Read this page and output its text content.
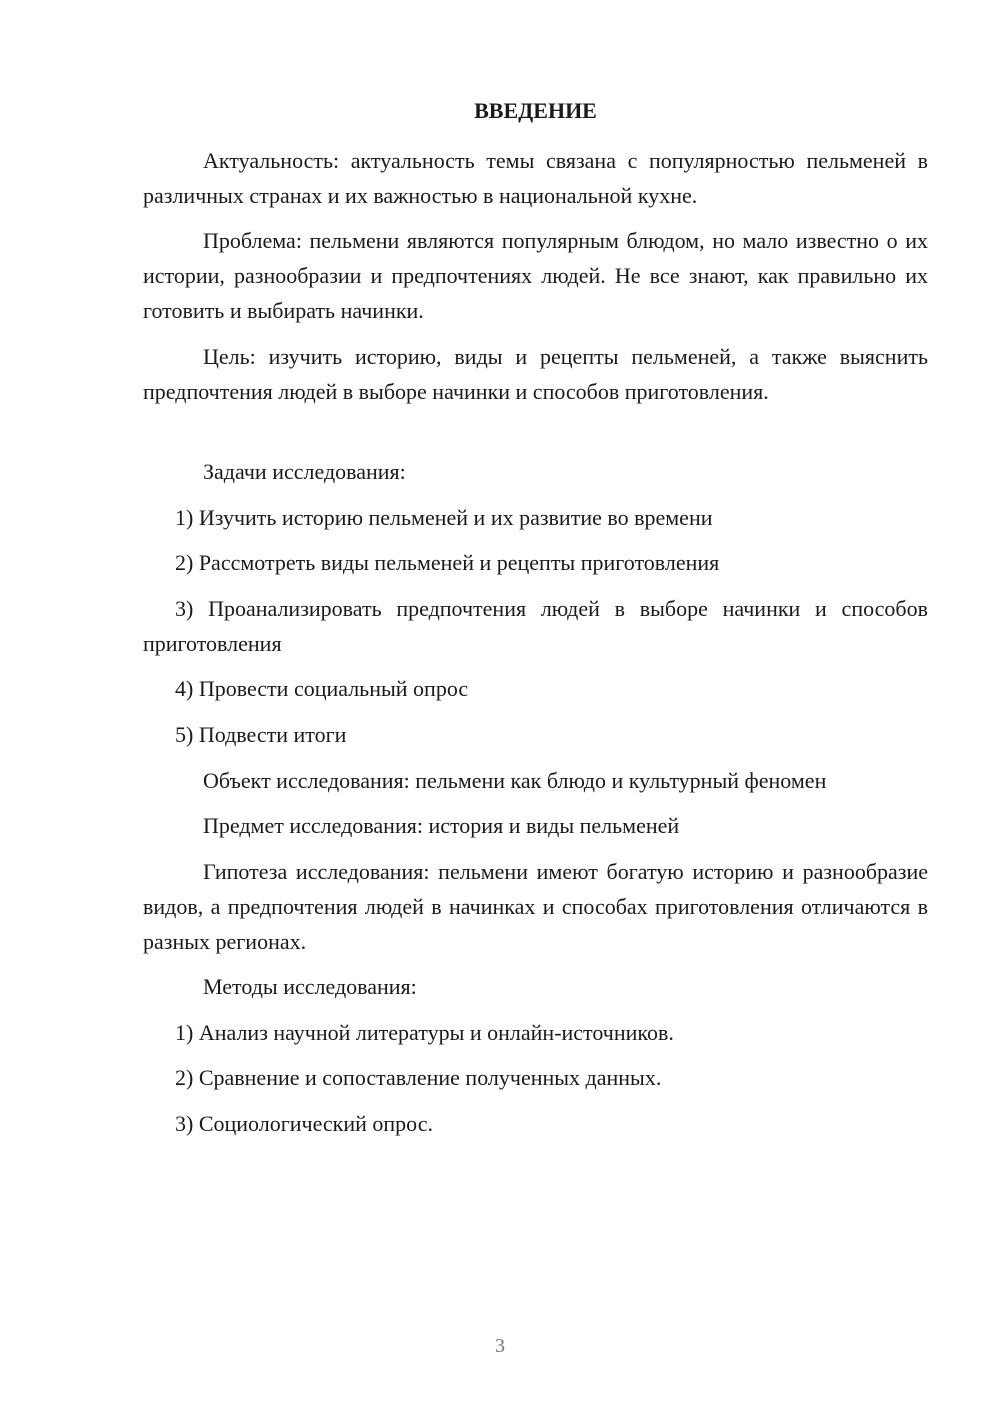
ВВЕДЕНИЕ

Актуальность: актуальность темы связана с популярностью пельменей в различных странах и их важностью в национальной кухне.

Проблема: пельмени являются популярным блюдом, но мало известно о их истории, разнообразии и предпочтениях людей. Не все знают, как правильно их готовить и выбирать начинки.

Цель: изучить историю, виды и рецепты пельменей, а также выяснить предпочтения людей в выборе начинки и способов приготовления.

Задачи исследования:

1) Изучить историю пельменей и их развитие во времени

2) Рассмотреть виды пельменей и рецепты приготовления

3) Проанализировать предпочтения людей в выборе начинки и способов приготовления

4) Провести социальный опрос

5) Подвести итоги

Объект исследования: пельмени как блюдо и культурный феномен

Предмет исследования: история и виды пельменей

Гипотеза исследования: пельмени имеют богатую историю и разнообразие видов, а предпочтения людей в начинках и способах приготовления отличаются в разных регионах.

Методы исследования:

1) Анализ научной литературы и онлайн-источников.

2) Сравнение и сопоставление полученных данных.

3) Социологический опрос.

3
